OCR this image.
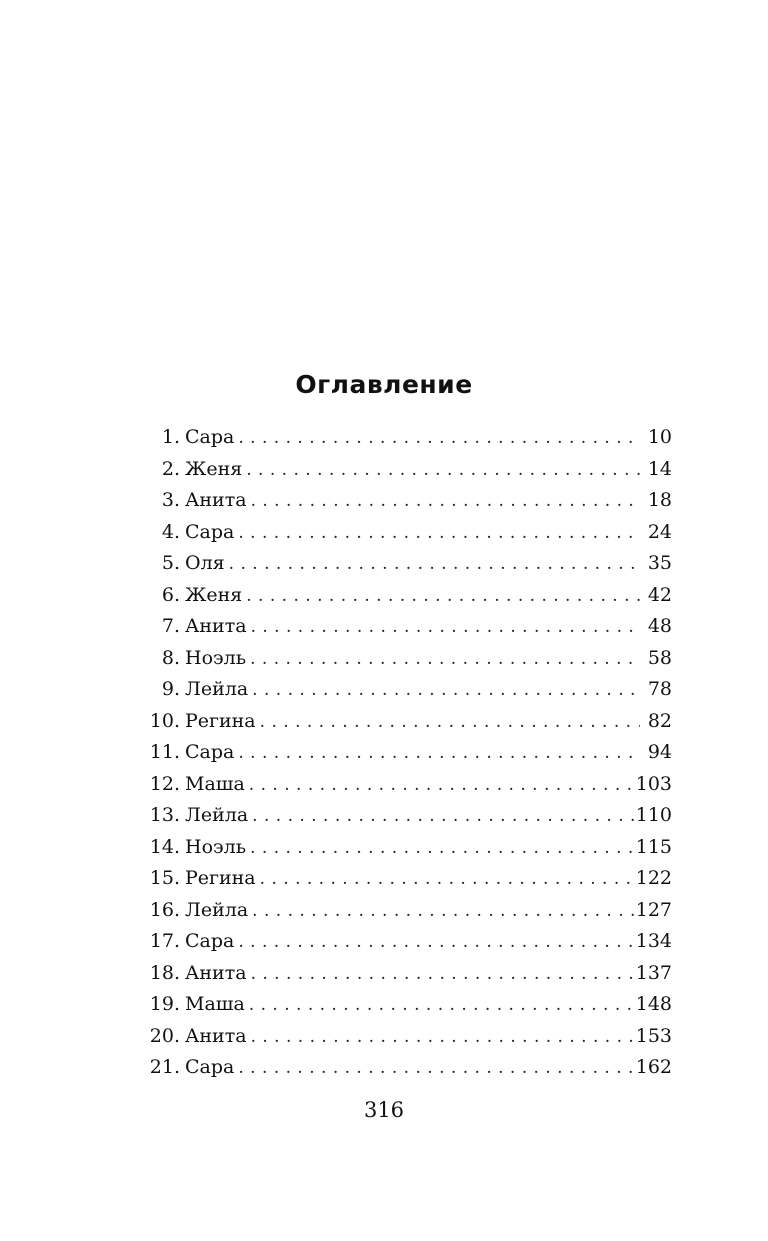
Оглавление
1. Сара . . .	10
2. Женя . . .	14
3. Анита . . .	18
4. Сара . . .	24
5. Оля . . .	35
6. Женя . . .	42
7. Анита . . .	48
8. Ноэль . . .	58
9. Лейла . . .	78
10. Регина . . .	82
11. Сара . . .	94
12. Маша . . .	103
13. Лейла . . .	110
14. Ноэль . . .	115
15. Регина . . .	122
16. Лейла . . .	127
17. Сара . . .	134
18. Анита . . .	137
19. Маша . . .	148
20. Анита . . .	153
21. Сара . . .	162
316
